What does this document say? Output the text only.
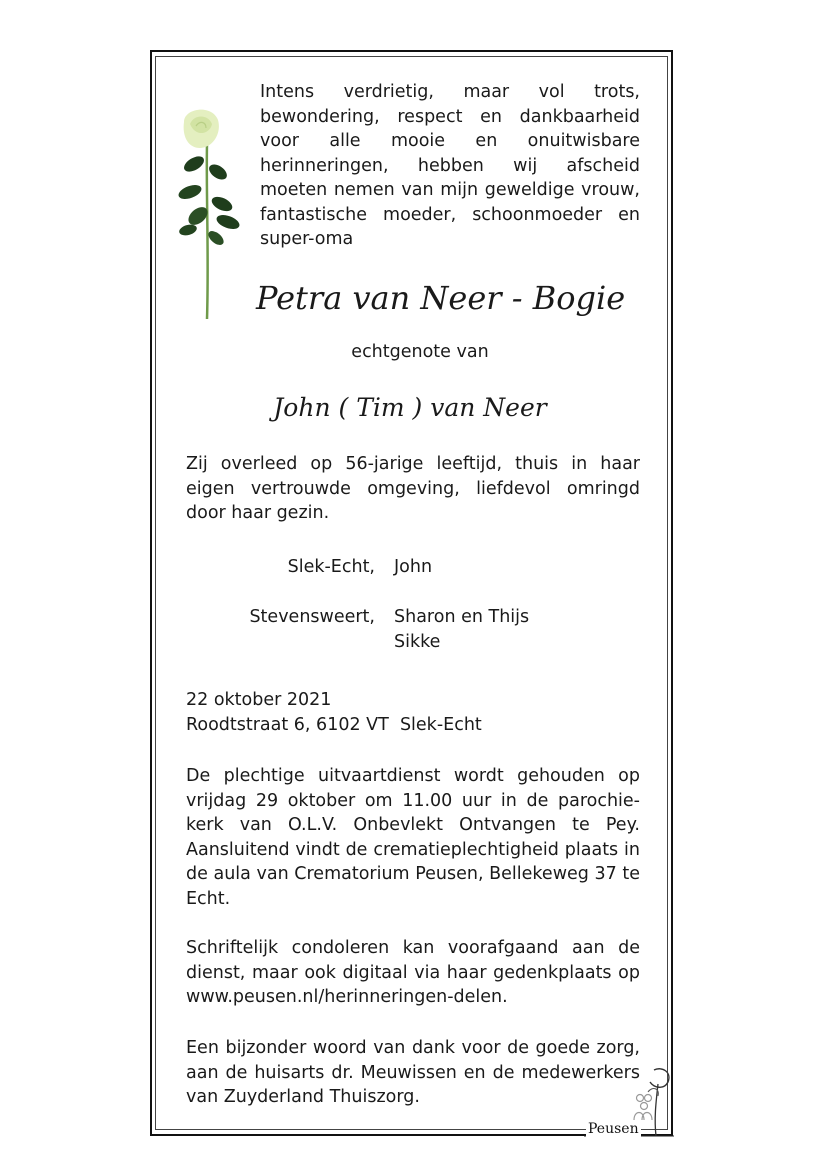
Intens verdrietig, maar vol trots, bewondering, respect en dankbaarheid voor alle mooie en onuitwisbare herinneringen, hebben wij afscheid moeten nemen van mijn geweldige vrouw, fantastische moeder, schoonmoeder en super-oma

Petra van Neer - Bogie
echtgenote van
John ( Tim ) van Neer

Zij overleed op 56-jarige leeftijd, thuis in haar eigen vertrouwde omgeving, liefdevol omringd door haar gezin.

Slek-Echt, John
Stevensweert, Sharon en Thijs
Sikke
22 oktober 2021
Roodtstraat 6, 6102 VT  Slek-Echt

De plechtige uitvaartdienst wordt gehouden op vrijdag 29 oktober om 11.00 uur in de parochie-kerk van O.L.V. Onbevlekt Ontvangen te Pey. Aansluitend vindt de crematieplechtigheid plaats in de aula van Crematorium Peusen, Bellekeweg 37 te Echt.

Schriftelijk condoleren kan voorafgaand aan de dienst, maar ook digitaal via haar gedenkplaats op www.peusen.nl/herinneringen-delen.

Een bijzonder woord van dank voor de goede zorg, aan de huisarts dr. Meuwissen en de medewerkers van Zuyderland Thuiszorg.

Peusen
